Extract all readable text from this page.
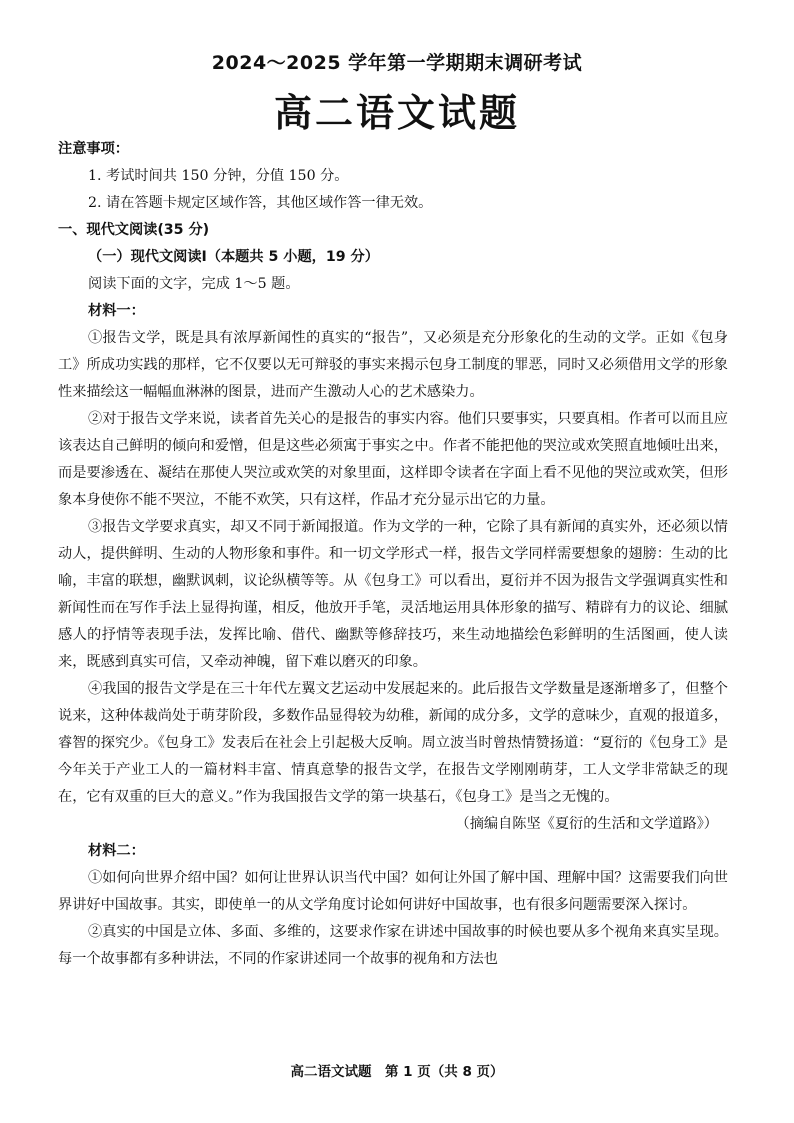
2024～2025 学年第一学期期末调研考试
高二语文试题

注意事项：

1. 考试时间共 150 分钟，分值 150 分。

2. 请在答题卡规定区域作答，其他区域作答一律无效。

一、现代文阅读(35 分)

（一）现代文阅读Ⅰ（本题共 5 小题，19 分）

阅读下面的文字，完成 1～5 题。

材料一：

①报告文学，既是具有浓厚新闻性的真实的“报告”，又必须是充分形象化的生动的文学。正如《包身工》所成功实践的那样，它不仅要以无可辩驳的事实来揭示包身工制度的罪恶，同时又必须借用文学的形象性来描绘这一幅幅血淋淋的图景，进而产生激动人心的艺术感染力。

②对于报告文学来说，读者首先关心的是报告的事实内容。他们只要事实，只要真相。作者可以而且应该表达自己鲜明的倾向和爱憎，但是这些必须寓于事实之中。作者不能把他的哭泣或欢笑照直地倾吐出来，而是要渗透在、凝结在那使人哭泣或欢笑的对象里面，这样即令读者在字面上看不见他的哭泣或欢笑，但形象本身使你不能不哭泣，不能不欢笑，只有这样，作品才充分显示出它的力量。

③报告文学要求真实，却又不同于新闻报道。作为文学的一种，它除了具有新闻的真实外，还必须以情动人，提供鲜明、生动的人物形象和事件。和一切文学形式一样，报告文学同样需要想象的翅膀：生动的比喻，丰富的联想，幽默讽刺，议论纵横等等。从《包身工》可以看出，夏衍并不因为报告文学强调真实性和新闻性而在写作手法上显得拘谨，相反，他放开手笔，灵活地运用具体形象的描写、精辟有力的议论、细腻感人的抒情等表现手法，发挥比喻、借代、幽默等修辞技巧，来生动地描绘色彩鲜明的生活图画，使人读来，既感到真实可信，又牵动神魄，留下难以磨灭的印象。

④我国的报告文学是在三十年代左翼文艺运动中发展起来的。此后报告文学数量是逐渐增多了，但整个说来，这种体裁尚处于萌芽阶段，多数作品显得较为幼稚，新闻的成分多，文学的意味少，直观的报道多，睿智的探究少。《包身工》发表后在社会上引起极大反响。周立波当时曾热情赞扬道：“夏衍的《包身工》是今年关于产业工人的一篇材料丰富、情真意挚的报告文学，在报告文学刚刚萌芽，工人文学非常缺乏的现在，它有双重的巨大的意义。”作为我国报告文学的第一块基石，《包身工》是当之无愧的。

（摘编自陈坚《夏衍的生活和文学道路》）

材料二：

①如何向世界介绍中国？如何让世界认识当代中国？如何让外国了解中国、理解中国？这需要我们向世界讲好中国故事。其实，即使单一的从文学角度讨论如何讲好中国故事，也有很多问题需要深入探讨。

②真实的中国是立体、多面、多维的，这要求作家在讲述中国故事的时候也要从多个视角来真实呈现。每一个故事都有多种讲法，不同的作家讲述同一个故事的视角和方法也

高二语文试题　第 1 页（共 8 页）
